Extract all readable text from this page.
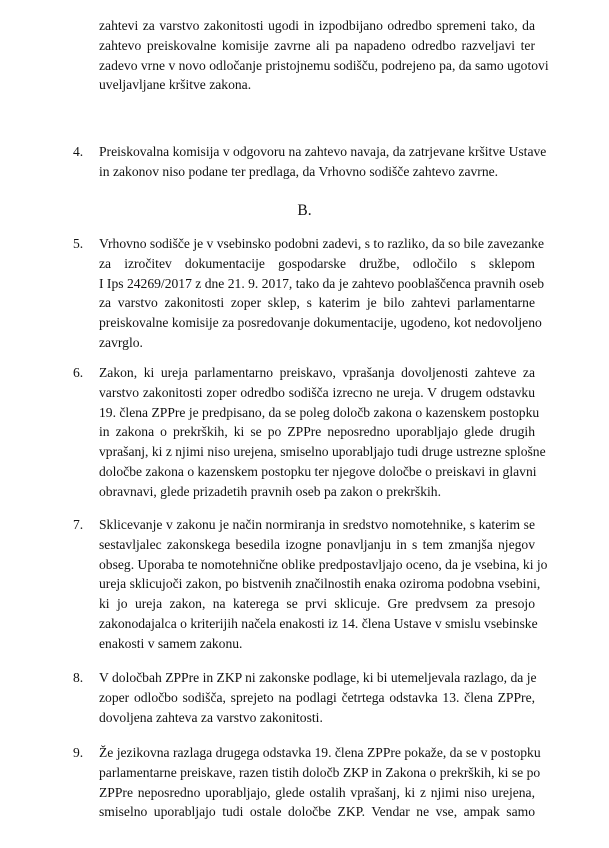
zahtevi za varstvo zakonitosti ugodi in izpodbijano odredbo spremeni tako, da
zahtevo preiskovalne komisije zavrne ali pa napadeno odredbo razveljavi ter
zadevo vrne v novo odločanje pristojnemu sodišču, podrejeno pa, da samo ugotovi
uveljavljane kršitve zakona.
4. Preiskovalna komisija v odgovoru na zahtevo navaja, da zatrjevane kršitve Ustave
in zakonov niso podane ter predlaga, da Vrhovno sodišče zahtevo zavrne.
5. Vrhovno sodišče je v vsebinsko podobni zadevi, s to razliko, da so bile zavezanke
za izročitev dokumentacije gospodarske družbe, odločilo s sklepom
I Ips 24269/2017 z dne 21. 9. 2017, tako da je zahtevo pooblaščenca pravnih oseb
za varstvo zakonitosti zoper sklep, s katerim je bilo zahtevi parlamentarne
preiskovalne komisije za posredovanje dokumentacije, ugodeno, kot nedovoljeno
zavrglo.
6. Zakon, ki ureja parlamentarno preiskavo, vprašanja dovoljenosti zahteve za
varstvo zakonitosti zoper odredbo sodišča izrecno ne ureja. V drugem odstavku
19. člena ZPPre je predpisano, da se poleg določb zakona o kazenskem postopku
in zakona o prekrških, ki se po ZPPre neposredno uporabljajo glede drugih
vprašanj, ki z njimi niso urejena, smiselno uporabljajo tudi druge ustrezne splošne
določbe zakona o kazenskem postopku ter njegove določbe o preiskavi in glavni
obravnavi, glede prizadetih pravnih oseb pa zakon o prekrških.
7. Sklicevanje v zakonu je način normiranja in sredstvo nomotehnike, s katerim se
sestavljalec zakonskega besedila izogne ponavljanju in s tem zmanjša njegov
obseg. Uporaba te nomotehnične oblike predpostavljajo oceno, da je vsebina, ki jo
ureja sklicujoči zakon, po bistvenih značilnostih enaka oziroma podobna vsebini,
ki jo ureja zakon, na katerega se prvi sklicuje. Gre predvsem za presojo
zakonodajalca o kriterijih načela enakosti iz 14. člena Ustave v smislu vsebinske
enakosti v samem zakonu.
8. V določbah ZPPre in ZKP ni zakonske podlage, ki bi utemeljevala razlago, da je
zoper odločbo sodišča, sprejeto na podlagi četrtega odstavka 13. člena ZPPre,
dovoljena zahteva za varstvo zakonitosti.
9. Že jezikovna razlaga drugega odstavka 19. člena ZPPre pokaže, da se v postopku
parlamentarne preiskave, razen tistih določb ZKP in Zakona o prekrških, ki se po
ZPPre neposredno uporabljajo, glede ostalih vprašanj, ki z njimi niso urejena,
smiselno uporabljajo tudi ostale določbe ZKP. Vendar ne vse, ampak samo
B.
